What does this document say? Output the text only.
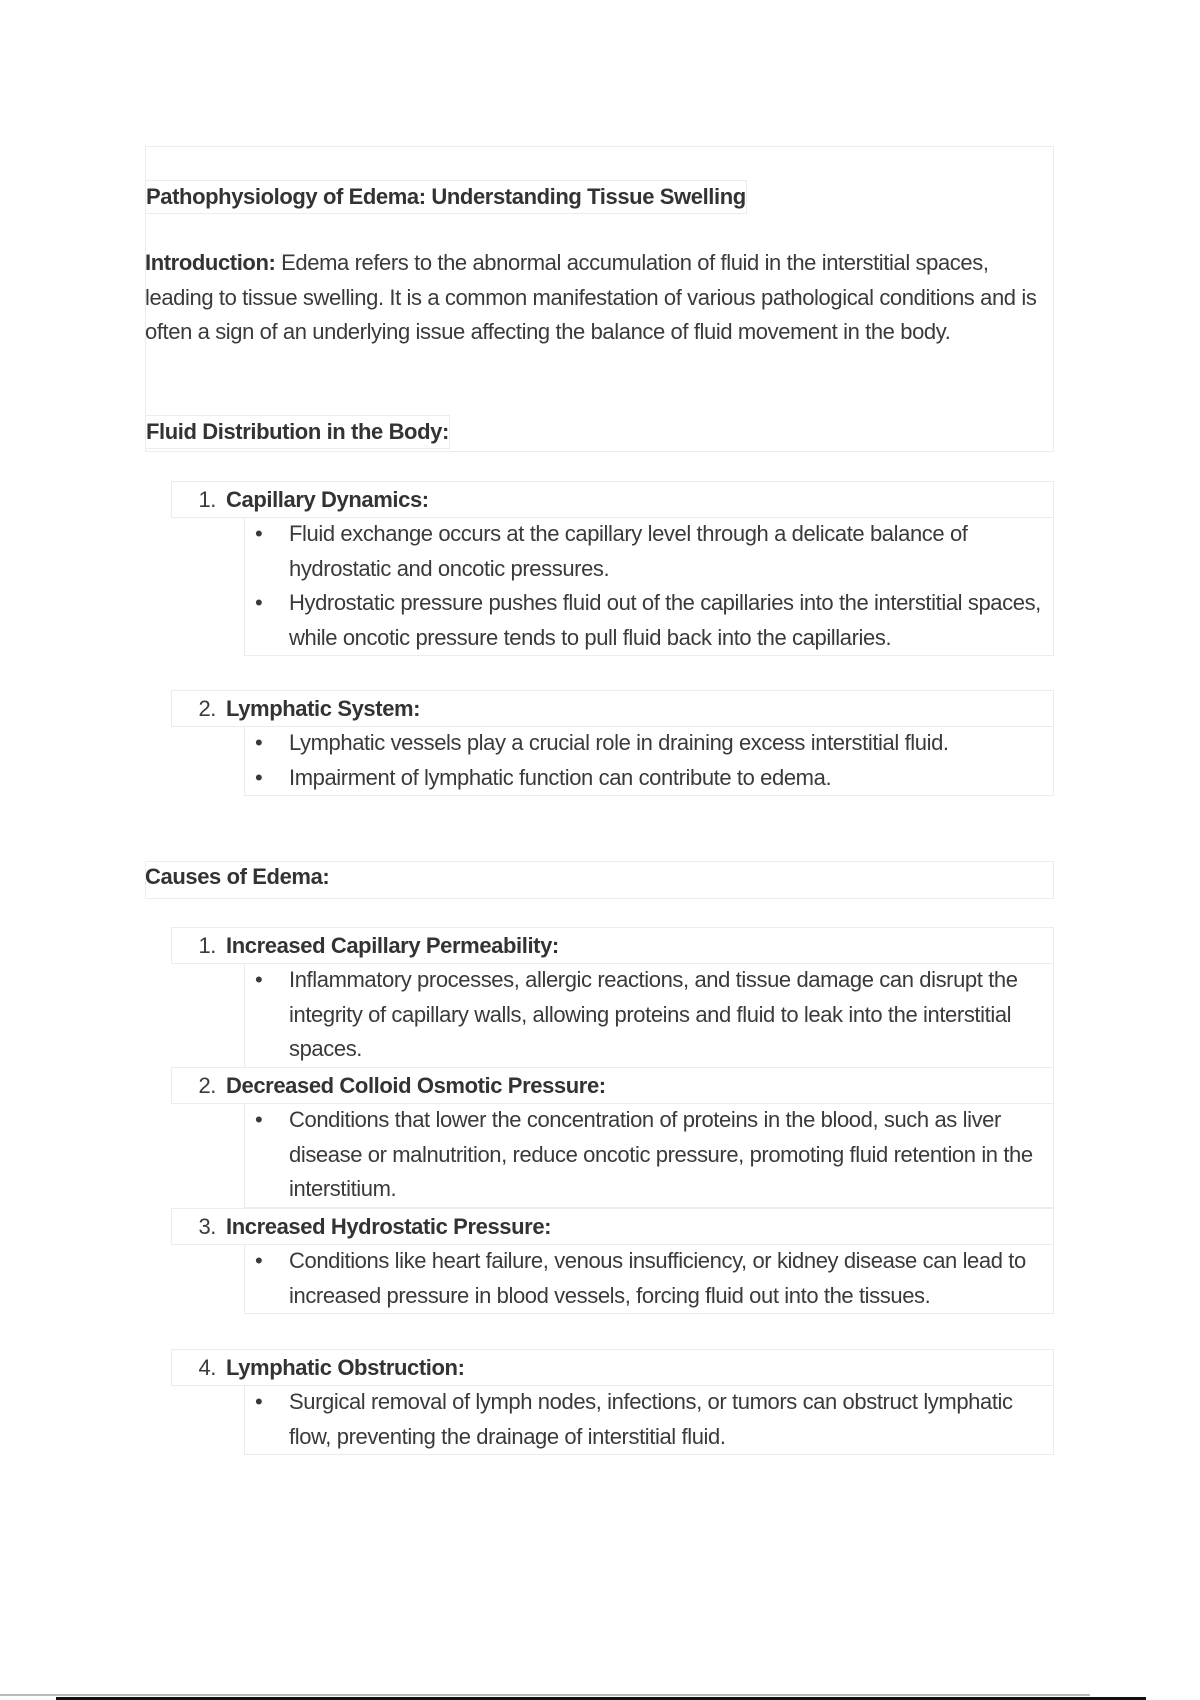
Pathophysiology of Edema: Understanding Tissue Swelling

Introduction: Edema refers to the abnormal accumulation of fluid in the interstitial spaces, leading to tissue swelling. It is a common manifestation of various pathological conditions and is often a sign of an underlying issue affecting the balance of fluid movement in the body.

Fluid Distribution in the Body:
1. Capillary Dynamics:
• Fluid exchange occurs at the capillary level through a delicate balance of hydrostatic and oncotic pressures.
• Hydrostatic pressure pushes fluid out of the capillaries into the interstitial spaces, while oncotic pressure tends to pull fluid back into the capillaries.
2. Lymphatic System:
• Lymphatic vessels play a crucial role in draining excess interstitial fluid.
• Impairment of lymphatic function can contribute to edema.
Causes of Edema:
1. Increased Capillary Permeability:
• Inflammatory processes, allergic reactions, and tissue damage can disrupt the integrity of capillary walls, allowing proteins and fluid to leak into the interstitial spaces.
2. Decreased Colloid Osmotic Pressure:
• Conditions that lower the concentration of proteins in the blood, such as liver disease or malnutrition, reduce oncotic pressure, promoting fluid retention in the interstitium.
3. Increased Hydrostatic Pressure:
• Conditions like heart failure, venous insufficiency, or kidney disease can lead to increased pressure in blood vessels, forcing fluid out into the tissues.
4. Lymphatic Obstruction:
• Surgical removal of lymph nodes, infections, or tumors can obstruct lymphatic flow, preventing the drainage of interstitial fluid.
